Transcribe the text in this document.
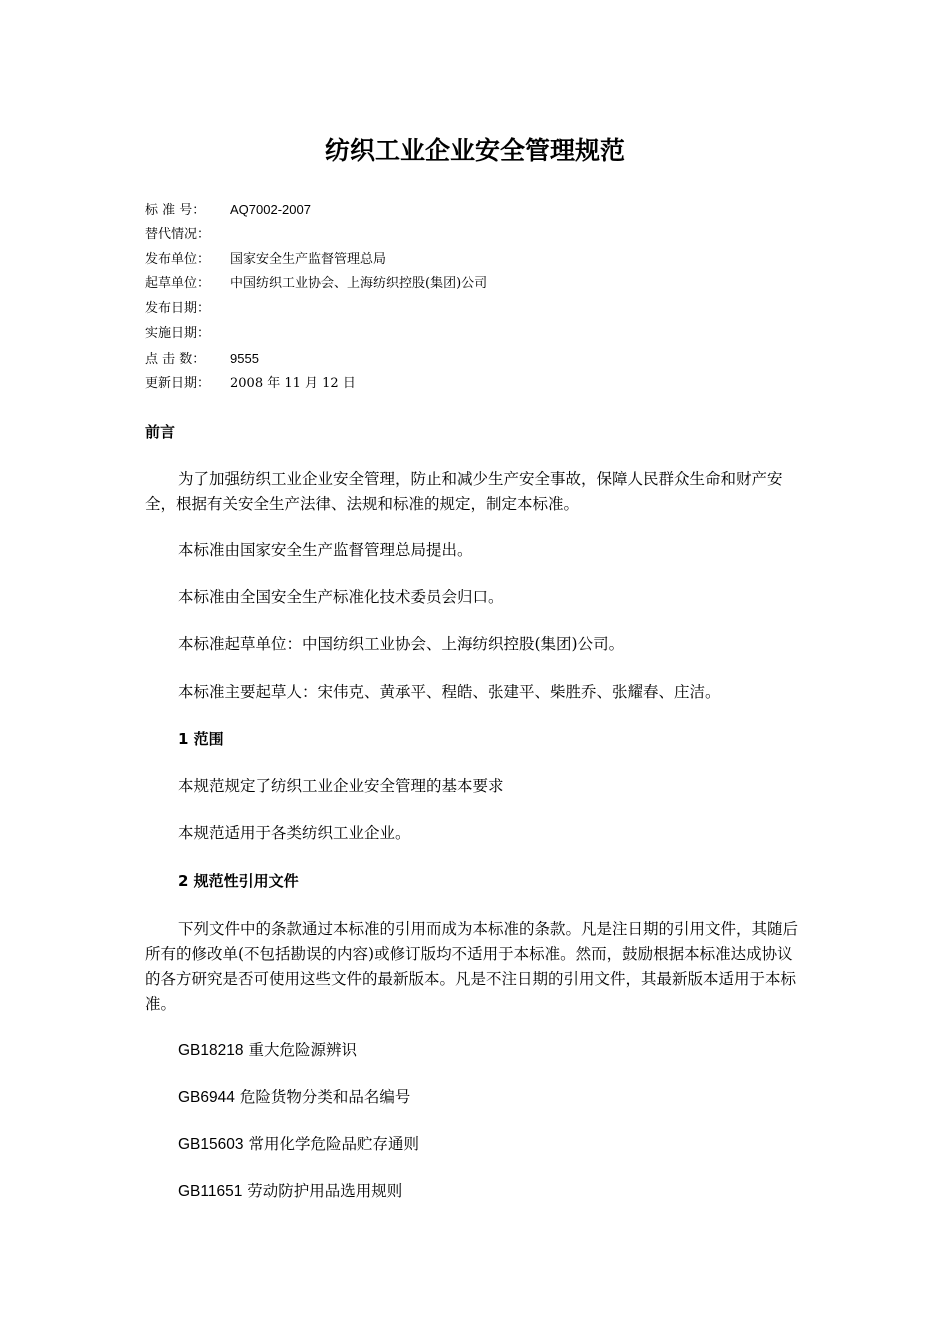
纺织工业企业安全管理规范
标 准 号： AQ7002-2007
替代情况：
发布单位： 国家安全生产监督管理总局
起草单位： 中国纺织工业协会、上海纺织控股(集团)公司
发布日期：
实施日期：
点 击 数： 9555
更新日期： 2008 年 11 月 12 日
前言
为了加强纺织工业企业安全管理，防止和减少生产安全事故，保障人民群众生命和财产安全，根据有关安全生产法律、法规和标准的规定，制定本标准。
本标准由国家安全生产监督管理总局提出。
本标准由全国安全生产标准化技术委员会归口。
本标准起草单位：中国纺织工业协会、上海纺织控股(集团)公司。
本标准主要起草人：宋伟克、黄承平、程皓、张建平、柴胜乔、张耀春、庄洁。
1 范围
本规范规定了纺织工业企业安全管理的基本要求
本规范适用于各类纺织工业企业。
2 规范性引用文件
下列文件中的条款通过本标准的引用而成为本标准的条款。凡是注日期的引用文件，其随后所有的修改单(不包括勘误的内容)或修订版均不适用于本标准。然而，鼓励根据本标准达成协议的各方研究是否可使用这些文件的最新版本。凡是不注日期的引用文件，其最新版本适用于本标准。
GB18218 重大危险源辨识
GB6944 危险货物分类和品名编号
GB15603 常用化学危险品贮存通则
GB11651 劳动防护用品选用规则
